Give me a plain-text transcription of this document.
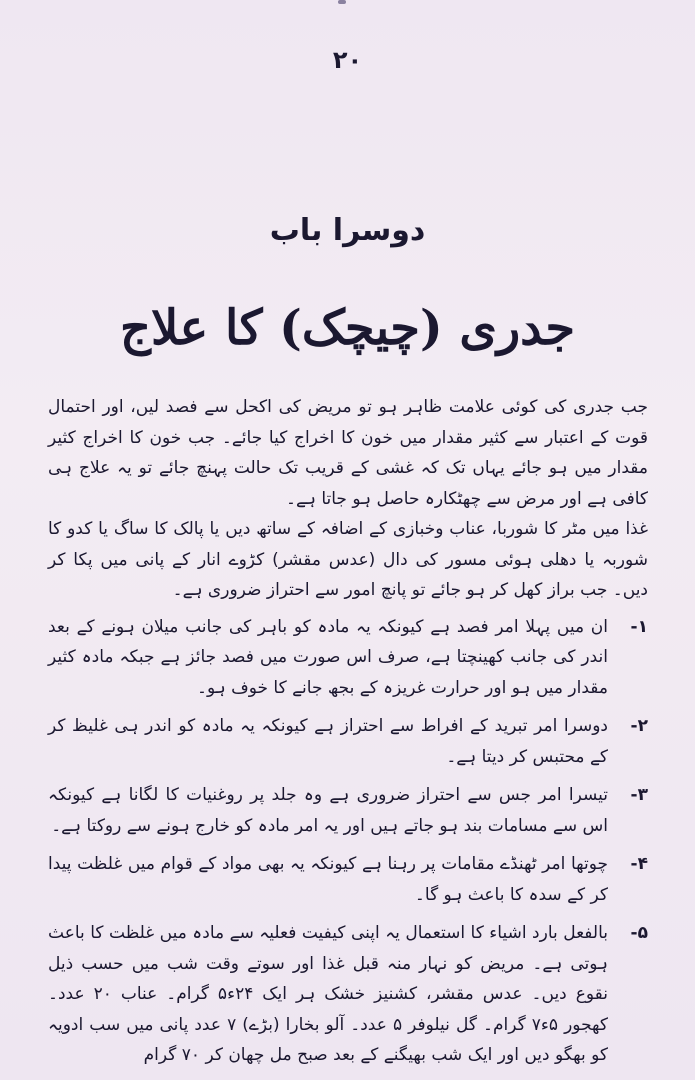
٢٠
دوسرا باب
جدری (چیچک) کا علاج

جب جدری کی کوئی علامت ظاہر ہو تو مریض کی اکحل سے فصد لیں، اور احتمال قوت کے اعتبار سے کثیر مقدار میں خون کا اخراج کیا جائے۔ جب خون کا اخراج کثیر مقدار میں ہو جائے یہاں تک کہ غشی کے قریب تک حالت پہنچ جائے تو یہ علاج ہی کافی ہے اور مرض سے چھٹکارہ حاصل ہو جاتا ہے۔

غذا میں مٹر کا شوربا، عناب وخبازی کے اضافہ کے ساتھ دیں یا پالک کا ساگ یا کدو کا شوربہ یا دھلی ہوئی مسور کی دال (عدس مقشر) کڑوے انار کے پانی میں پکا کر دیں۔ جب براز کھل کر ہو جائے تو پانچ امور سے احتراز ضروری ہے۔

۱-
ان میں پہلا امر فصد ہے کیونکہ یہ مادہ کو باہر کی جانب میلان ہونے کے بعد اندر کی جانب کھینچتا ہے، صرف اس صورت میں فصد جائز ہے جبکہ مادہ کثیر مقدار میں ہو اور حرارت غریزہ کے بجھ جانے کا خوف ہو۔
۲-
دوسرا امر تبرید کے افراط سے احتراز ہے کیونکہ یہ مادہ کو اندر ہی غلیظ کر کے محتبس کر دیتا ہے۔
۳-
تیسرا امر جس سے احتراز ضروری ہے وہ جلد پر روغنیات کا لگانا ہے کیونکہ اس سے مسامات بند ہو جاتے ہیں اور یہ امر مادہ کو خارج ہونے سے روکتا ہے۔
۴-
چوتھا امر ٹھنڈے مقامات پر رہنا ہے کیونکہ یہ بھی مواد کے قوام میں غلظت پیدا کر کے سدہ کا باعث ہو گا۔
۵-
بالفعل بارد اشیاء کا استعمال یہ اپنی کیفیت فعلیہ سے مادہ میں غلظت کا باعث ہوتی ہے۔ مریض کو نہار منہ قبل غذا اور سوتے وقت شب میں حسب ذیل نقوع دیں۔ عدس مقشر، کشنیز خشک ہر ایک ۲۴ء۵ گرام۔ عناب ۲۰ عدد۔ کھجور ۵ء۷ گرام۔ گل نیلوفر ۵ عدد۔ آلو بخارا (بڑے) ۷ عدد پانی میں سب ادویہ کو بھگو دیں اور ایک شب بھیگنے کے بعد صبح مل چھان کر ۷۰ گرام
